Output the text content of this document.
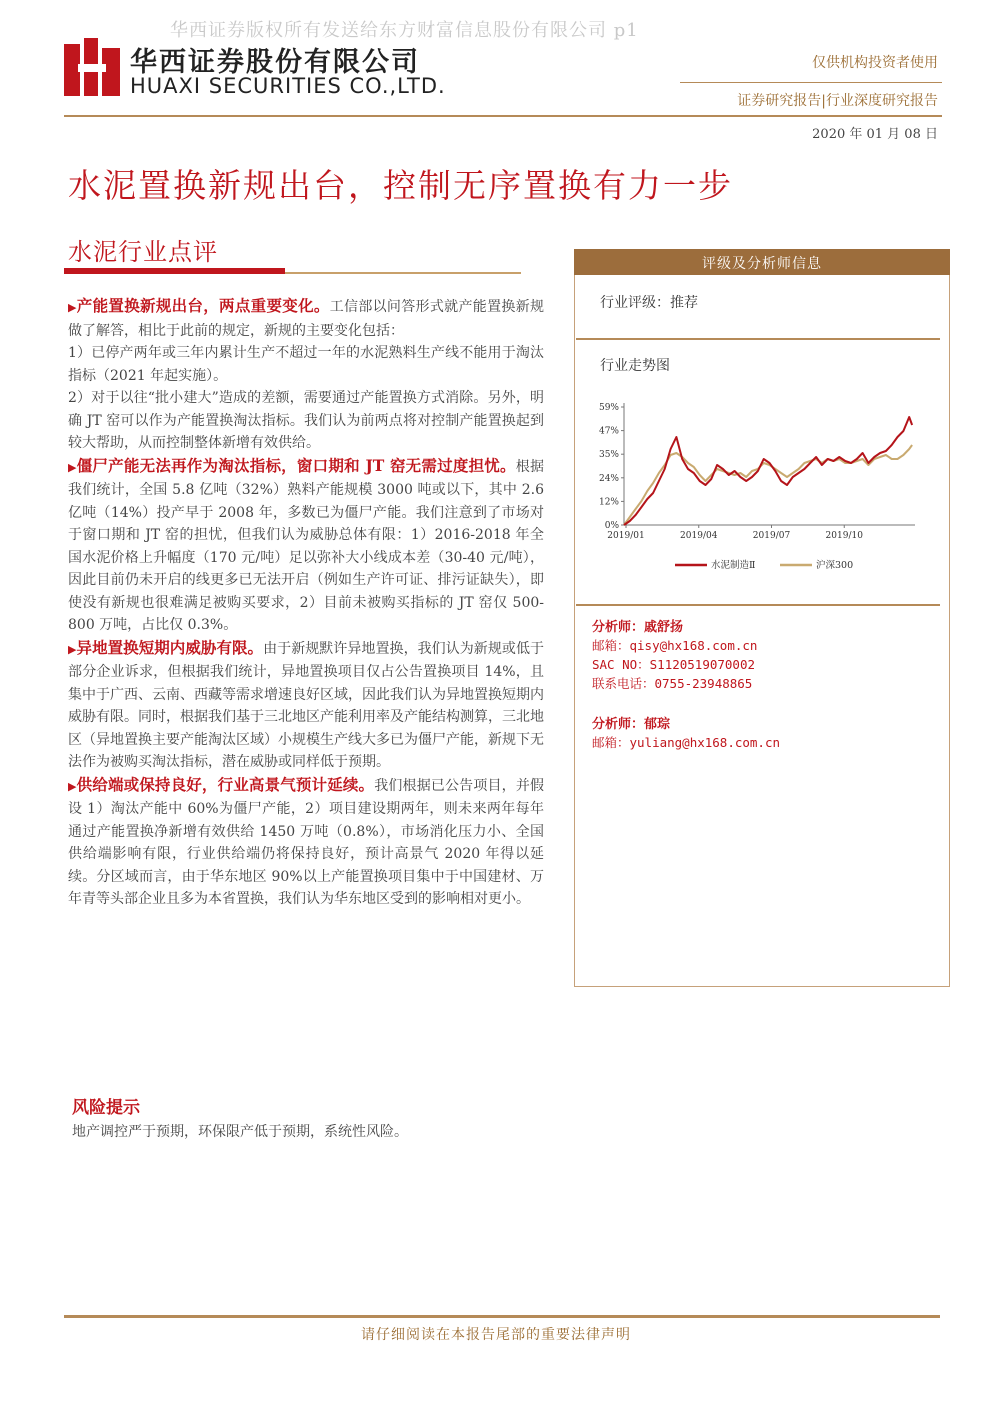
华西证券版权所有发送给东方财富信息股份有限公司 p1
华西证券股份有限公司
HUAXI SECURITIES CO.,LTD.
仅供机构投资者使用
证券研究报告|行业深度研究报告
2020 年 01 月 08 日
水泥置换新规出台，控制无序置换有力一步
水泥行业点评

▶产能置换新规出台，两点重要变化。工信部以问答形式就产能置换新规做了解答，相比于此前的规定，新规的主要变化包括：

1）已停产两年或三年内累计生产不超过一年的水泥熟料生产线不能用于淘汰指标（2021 年起实施）。

2）对于以往“批小建大”造成的差额，需要通过产能置换方式消除。另外，明确 JT 窑可以作为产能置换淘汰指标。我们认为前两点将对控制产能置换起到较大帮助，从而控制整体新增有效供给。

▶僵尸产能无法再作为淘汰指标，窗口期和 JT 窑无需过度担忧。根据我们统计，全国 5.8 亿吨（32%）熟料产能规模 3000 吨或以下，其中 2.6 亿吨（14%）投产早于 2008 年，多数已为僵尸产能。我们注意到了市场对于窗口期和 JT 窑的担忧，但我们认为威胁总体有限：1）2016-2018 年全国水泥价格上升幅度（170 元/吨）足以弥补大小线成本差（30-40 元/吨），因此目前仍未开启的线更多已无法开启（例如生产许可证、排污证缺失），即使没有新规也很难满足被购买要求，2）目前未被购买指标的 JT 窑仅 500-800 万吨，占比仅 0.3%。

▶异地置换短期内威胁有限。由于新规默许异地置换，我们认为新规或低于部分企业诉求，但根据我们统计，异地置换项目仅占公告置换项目 14%，且集中于广西、云南、西藏等需求增速良好区域，因此我们认为异地置换短期内威胁有限。同时，根据我们基于三北地区产能利用率及产能结构测算，三北地区（异地置换主要产能淘汰区域）小规模生产线大多已为僵尸产能，新规下无法作为被购买淘汰指标，潜在威胁或同样低于预期。

▶供给端或保持良好，行业高景气预计延续。我们根据已公告项目，并假设 1）淘汰产能中 60%为僵尸产能，2）项目建设期两年，则未来两年每年通过产能置换净新增有效供给 1450 万吨（0.8%），市场消化压力小、全国供给端影响有限，行业供给端仍将保持良好，预计高景气 2020 年得以延续。分区域而言，由于华东地区 90%以上产能置换项目集中于中国建材、万年青等头部企业且多为本省置换，我们认为华东地区受到的影响相对更小。

风险提示
地产调控严于预期，环保限产低于预期，系统性风险。
评级及分析师信息
行业评级：推荐
行业走势图
0%
12%
24%
35%
47%
59%
2019/01	2019/04	2019/07	2019/10
水泥制造Ⅱ	沪深300
分析师：戚舒扬
邮箱：qisy@hx168.com.cn
SAC NO：S1120519070002
联系电话：0755-23948865
分析师：郁琮
邮箱：yuliang@hx168.com.cn
请仔细阅读在本报告尾部的重要法律声明
